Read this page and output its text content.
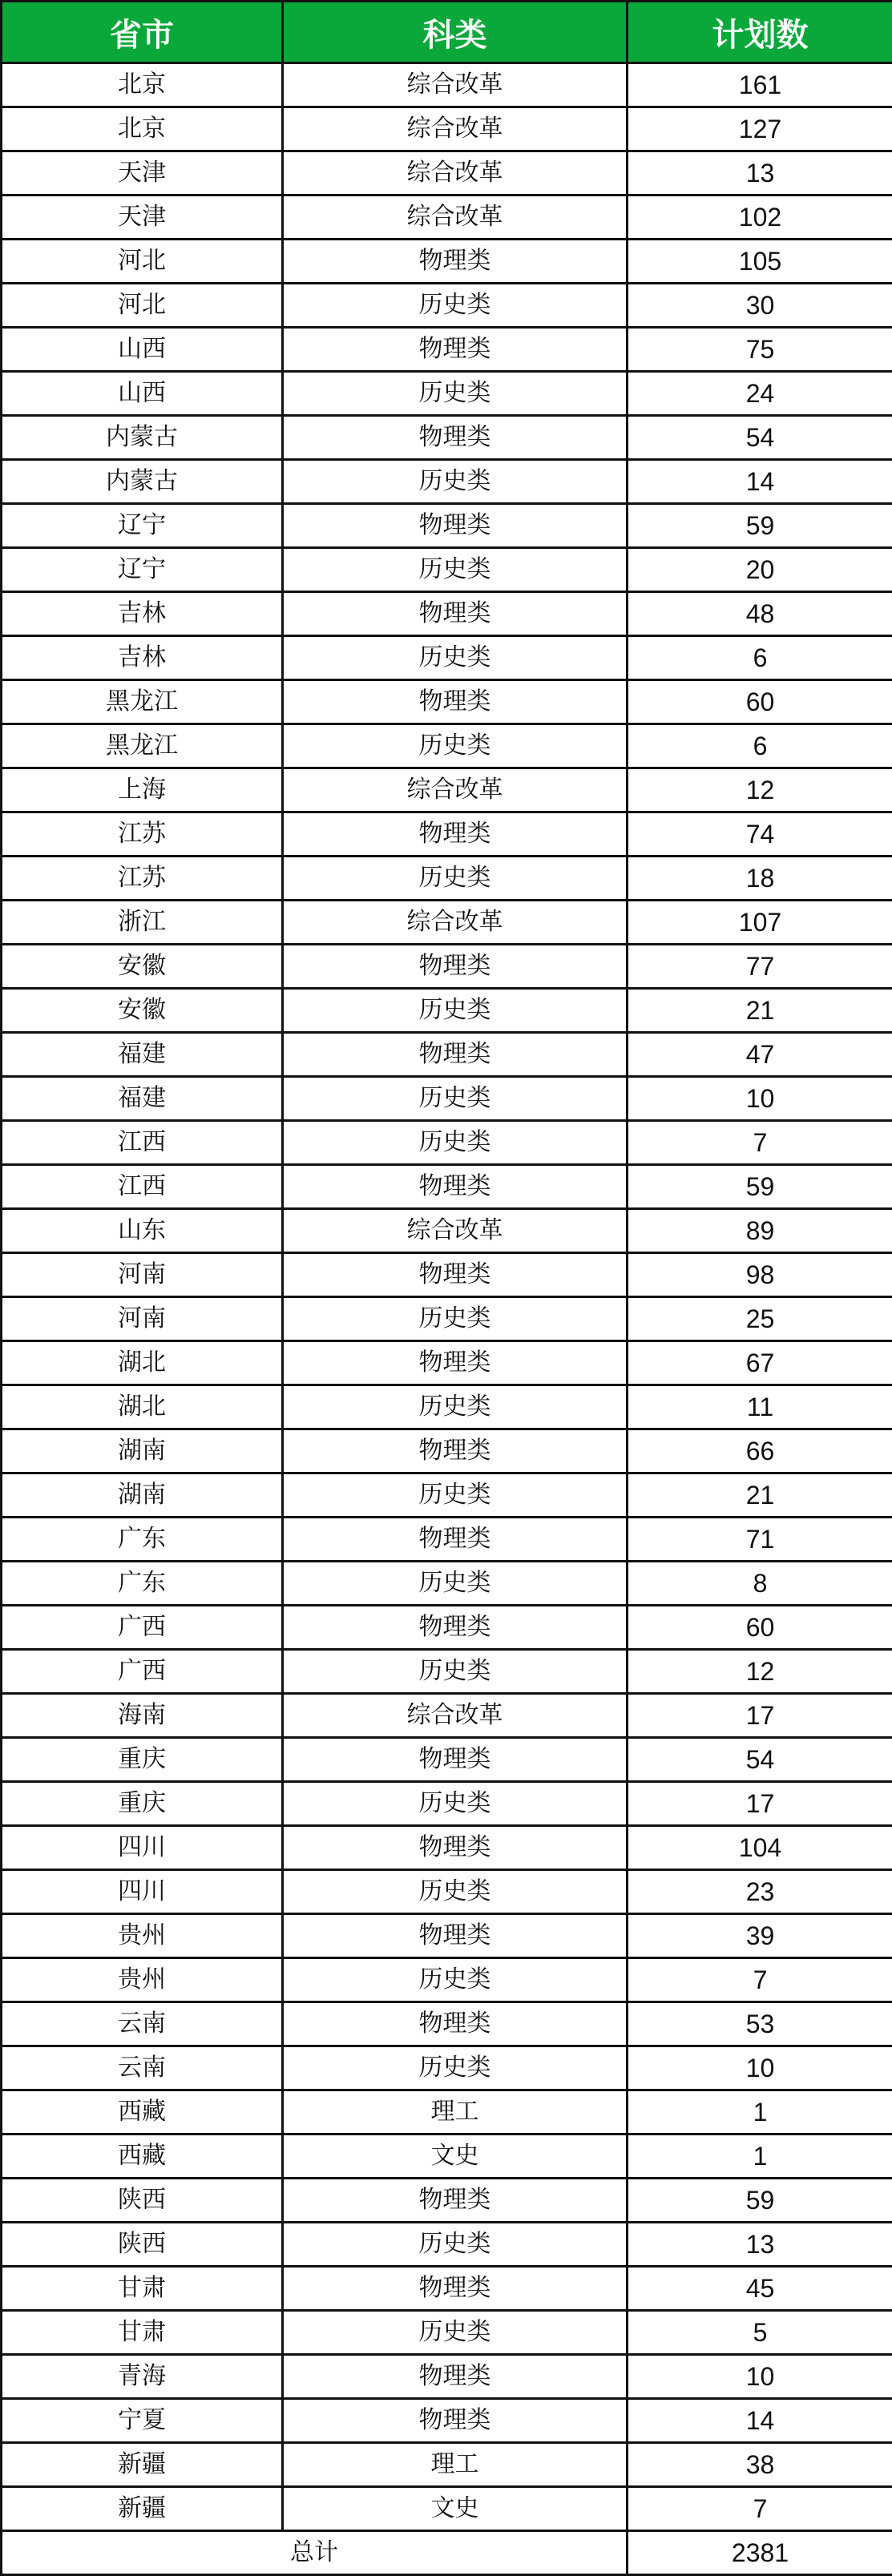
省市	科类	计划数
北京	综合改革	161
北京	综合改革	127
天津	综合改革	13
天津	综合改革	102
河北	物理类	105
河北	历史类	30
山西	物理类	75
山西	历史类	24
内蒙古	物理类	54
内蒙古	历史类	14
辽宁	物理类	59
辽宁	历史类	20
吉林	物理类	48
吉林	历史类	6
黑龙江	物理类	60
黑龙江	历史类	6
上海	综合改革	12
江苏	物理类	74
江苏	历史类	18
浙江	综合改革	107
安徽	物理类	77
安徽	历史类	21
福建	物理类	47
福建	历史类	10
江西	历史类	7
江西	物理类	59
山东	综合改革	89
河南	物理类	98
河南	历史类	25
湖北	物理类	67
湖北	历史类	11
湖南	物理类	66
湖南	历史类	21
广东	物理类	71
广东	历史类	8
广西	物理类	60
广西	历史类	12
海南	综合改革	17
重庆	物理类	54
重庆	历史类	17
四川	物理类	104
四川	历史类	23
贵州	物理类	39
贵州	历史类	7
云南	物理类	53
云南	历史类	10
西藏	理工	1
西藏	文史	1
陕西	物理类	59
陕西	历史类	13
甘肃	物理类	45
甘肃	历史类	5
青海	物理类	10
宁夏	物理类	14
新疆	理工	38
新疆	文史	7
总计		2381
